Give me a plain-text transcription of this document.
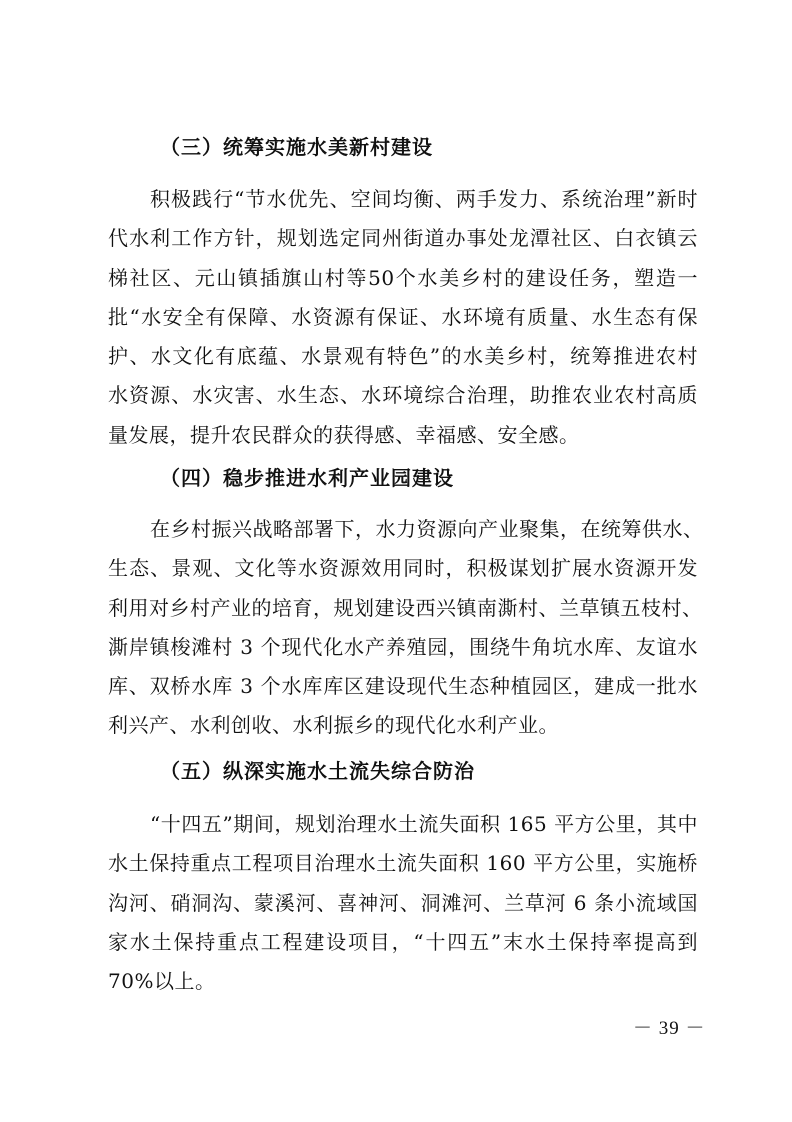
（三）统筹实施水美新村建设
积极践行“节水优先、空间均衡、两手发力、系统治理”新时
代水利工作方针，规划选定同州街道办事处龙潭社区、白衣镇云
梯社区、元山镇插旗山村等50个水美乡村的建设任务，塑造一
批“水安全有保障、水资源有保证、水环境有质量、水生态有保
护、水文化有底蕴、水景观有特色”的水美乡村，统筹推进农村
水资源、水灾害、水生态、水环境综合治理，助推农业农村高质
量发展，提升农民群众的获得感、幸福感、安全感。
（四）稳步推进水利产业园建设
在乡村振兴战略部署下，水力资源向产业聚集，在统筹供水、
生态、景观、文化等水资源效用同时，积极谋划扩展水资源开发
利用对乡村产业的培育，规划建设西兴镇南澌村、兰草镇五枝村、
澌岸镇梭滩村 3 个现代化水产养殖园，围绕牛角坑水库、友谊水
库、双桥水库 3 个水库库区建设现代生态种植园区，建成一批水
利兴产、水利创收、水利振乡的现代化水利产业。
（五）纵深实施水土流失综合防治
“十四五”期间，规划治理水土流失面积 165 平方公里，其中
水土保持重点工程项目治理水土流失面积 160 平方公里，实施桥
沟河、硝洞沟、蒙溪河、喜神河、洞滩河、兰草河 6 条小流域国
家水土保持重点工程建设项目，“十四五”末水土保持率提高到
70%以上。
－ 39 －
